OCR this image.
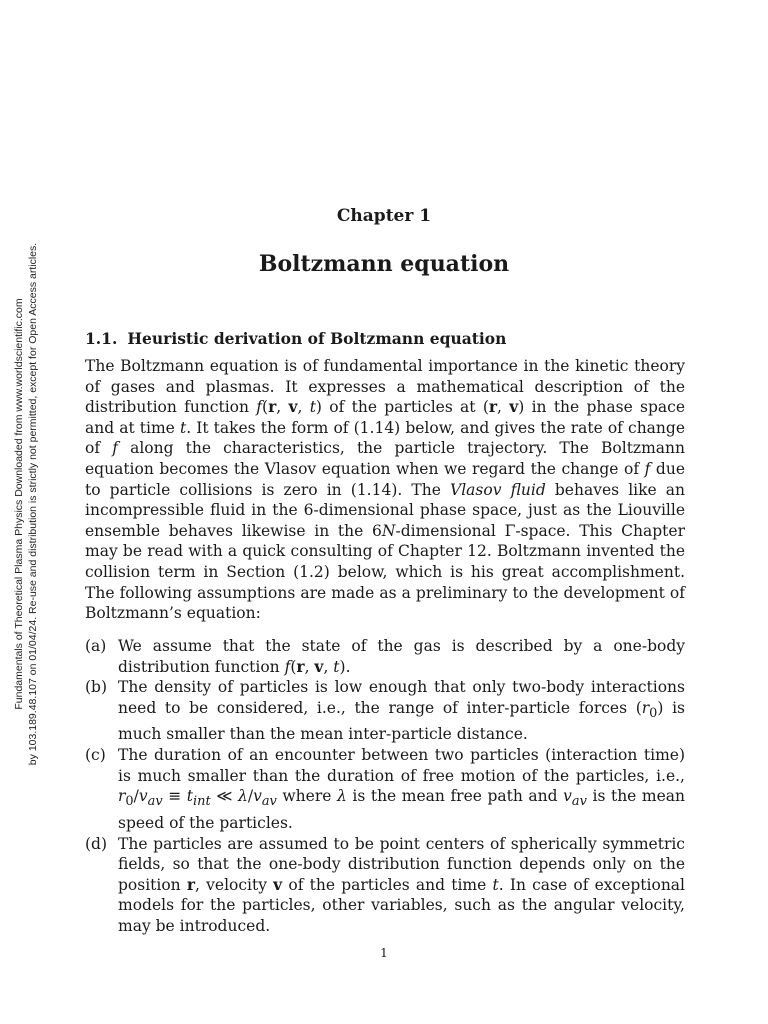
Fundamentals of Theoretical Plasma Physics Downloaded from www.worldscientific.com by 103.189.48.107 on 01/04/24. Re-use and distribution is strictly not permitted, except for Open Access articles.
Chapter 1
Boltzmann equation
1.1. Heuristic derivation of Boltzmann equation

The Boltzmann equation is of fundamental importance in the kinetic theory of gases and plasmas. It expresses a mathematical description of the distribution function f(r, v, t) of the particles at (r, v) in the phase space and at time t. It takes the form of (1.14) below, and gives the rate of change of f along the characteristics, the particle trajectory. The Boltzmann equation becomes the Vlasov equation when we regard the change of f due to particle collisions is zero in (1.14). The Vlasov fluid behaves like an incompressible fluid in the 6-dimensional phase space, just as the Liouville ensemble behaves likewise in the 6N-dimensional Γ-space. This Chapter may be read with a quick consulting of Chapter 12. Boltzmann invented the collision term in Section (1.2) below, which is his great accomplishment. The following assumptions are made as a preliminary to the development of Boltzmann’s equation:

(a) We assume that the state of the gas is described by a one-body distribution function f(r, v, t).
(b) The density of particles is low enough that only two-body interactions need to be considered, i.e., the range of inter-particle forces $(r_0)$ is much smaller than the mean inter-particle distance.
(c) The duration of an encounter between two particles (interaction time) is much smaller than the duration of free motion of the particles, i.e., $r_0/v_{av} \equiv t_{int}$ ≪ $\lambda/v_{av}$ where λ is the mean free path and $v_{av}$ is the mean speed of the particles.
(d) The particles are assumed to be point centers of spherically symmetric fields, so that the one-body distribution function depends only on the position r, velocity v of the particles and time t. In case of exceptional models for the particles, other variables, such as the angular velocity, may be introduced.
1
